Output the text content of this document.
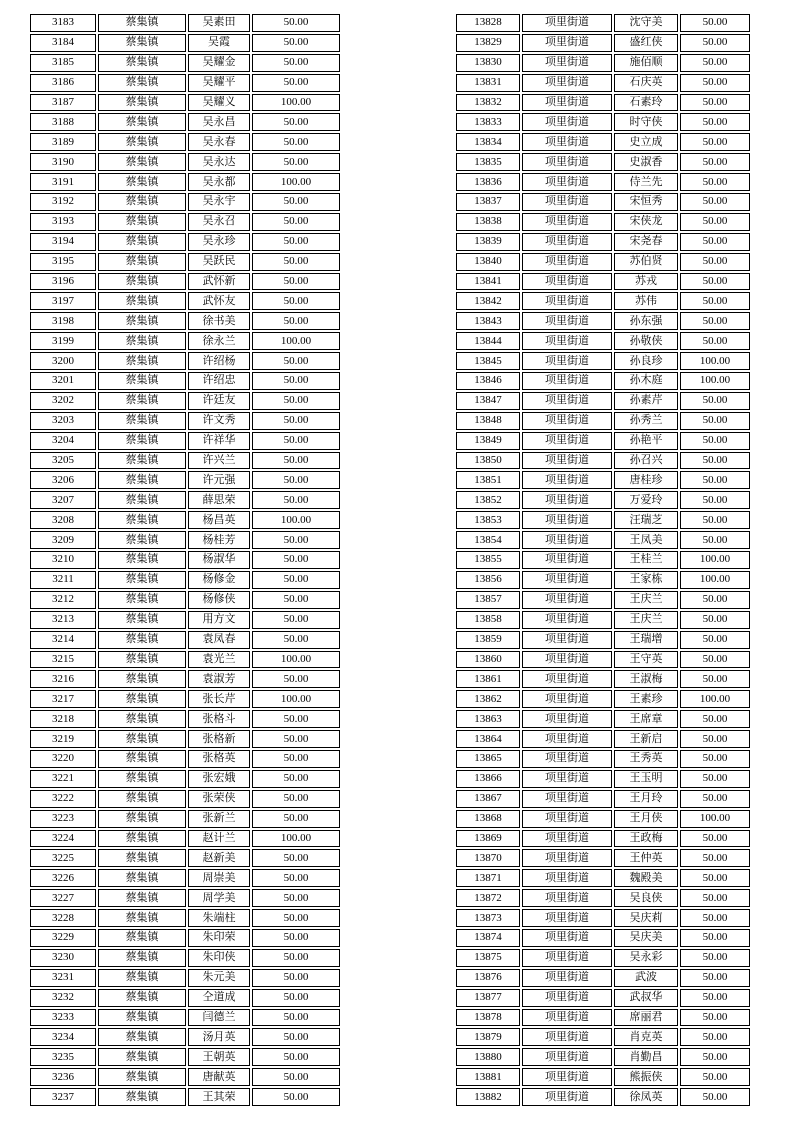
3183	蔡集镇	吴素田	50.00
3184	蔡集镇	吴霞	50.00
3185	蔡集镇	吴耀金	50.00
3186	蔡集镇	吴耀平	50.00
3187	蔡集镇	吴耀义	100.00
3188	蔡集镇	吴永昌	50.00
3189	蔡集镇	吴永春	50.00
3190	蔡集镇	吴永达	50.00
3191	蔡集镇	吴永都	100.00
3192	蔡集镇	吴永宇	50.00
3193	蔡集镇	吴永召	50.00
3194	蔡集镇	吴永珍	50.00
3195	蔡集镇	吴跃民	50.00
3196	蔡集镇	武怀新	50.00
3197	蔡集镇	武怀友	50.00
3198	蔡集镇	徐书美	50.00
3199	蔡集镇	徐永兰	100.00
3200	蔡集镇	许绍杨	50.00
3201	蔡集镇	许绍忠	50.00
3202	蔡集镇	许廷友	50.00
3203	蔡集镇	许文秀	50.00
3204	蔡集镇	许祥华	50.00
3205	蔡集镇	许兴兰	50.00
3206	蔡集镇	许元强	50.00
3207	蔡集镇	薛思荣	50.00
3208	蔡集镇	杨昌英	100.00
3209	蔡集镇	杨桂芳	50.00
3210	蔡集镇	杨淑华	50.00
3211	蔡集镇	杨修金	50.00
3212	蔡集镇	杨修侠	50.00
3213	蔡集镇	用方文	50.00
3214	蔡集镇	袁凤春	50.00
3215	蔡集镇	袁光兰	100.00
3216	蔡集镇	袁淑芳	50.00
3217	蔡集镇	张长芹	100.00
3218	蔡集镇	张格斗	50.00
3219	蔡集镇	张格新	50.00
3220	蔡集镇	张格英	50.00
3221	蔡集镇	张宏娥	50.00
3222	蔡集镇	张荣侠	50.00
3223	蔡集镇	张新兰	50.00
3224	蔡集镇	赵计兰	100.00
3225	蔡集镇	赵新美	50.00
3226	蔡集镇	周崇美	50.00
3227	蔡集镇	周学美	50.00
3228	蔡集镇	朱端柱	50.00
3229	蔡集镇	朱印荣	50.00
3230	蔡集镇	朱印侠	50.00
3231	蔡集镇	朱元美	50.00
3232	蔡集镇	仝道成	50.00
3233	蔡集镇	闫德兰	50.00
3234	蔡集镇	汤月英	50.00
3235	蔡集镇	王朝英	50.00
3236	蔡集镇	唐献英	50.00
3237	蔡集镇	王其荣	50.00
13828	项里街道	沈守美	50.00
13829	项里街道	盛红侠	50.00
13830	项里街道	施佰顺	50.00
13831	项里街道	石庆英	50.00
13832	项里街道	石素玲	50.00
13833	项里街道	时守侠	50.00
13834	项里街道	史立成	50.00
13835	项里街道	史淑香	50.00
13836	项里街道	侍兰先	50.00
13837	项里街道	宋恒秀	50.00
13838	项里街道	宋侠龙	50.00
13839	项里街道	宋尧春	50.00
13840	项里街道	苏伯贤	50.00
13841	项里街道	苏戎	50.00
13842	项里街道	苏伟	50.00
13843	项里街道	孙东强	50.00
13844	项里街道	孙敬侠	50.00
13845	项里街道	孙良珍	100.00
13846	项里街道	孙木庭	100.00
13847	项里街道	孙素芹	50.00
13848	项里街道	孙秀兰	50.00
13849	项里街道	孙艳平	50.00
13850	项里街道	孙召兴	50.00
13851	项里街道	唐桂珍	50.00
13852	项里街道	万爱玲	50.00
13853	项里街道	汪瑞芝	50.00
13854	项里街道	王凤美	50.00
13855	项里街道	王桂兰	100.00
13856	项里街道	王家栋	100.00
13857	项里街道	王庆兰	50.00
13858	项里街道	王庆兰	50.00
13859	项里街道	王瑞增	50.00
13860	项里街道	王守英	50.00
13861	项里街道	王淑梅	50.00
13862	项里街道	王素珍	100.00
13863	项里街道	王席章	50.00
13864	项里街道	王新启	50.00
13865	项里街道	王秀英	50.00
13866	项里街道	王玉明	50.00
13867	项里街道	王月玲	50.00
13868	项里街道	王月侠	100.00
13869	项里街道	王政梅	50.00
13870	项里街道	王仲英	50.00
13871	项里街道	魏殿美	50.00
13872	项里街道	吴良侠	50.00
13873	项里街道	吴庆莉	50.00
13874	项里街道	吴庆美	50.00
13875	项里街道	吴永彩	50.00
13876	项里街道	武波	50.00
13877	项里街道	武叔华	50.00
13878	项里街道	席丽君	50.00
13879	项里街道	肖克英	50.00
13880	项里街道	肖勤昌	50.00
13881	项里街道	熊振侠	50.00
13882	项里街道	徐凤英	50.00
